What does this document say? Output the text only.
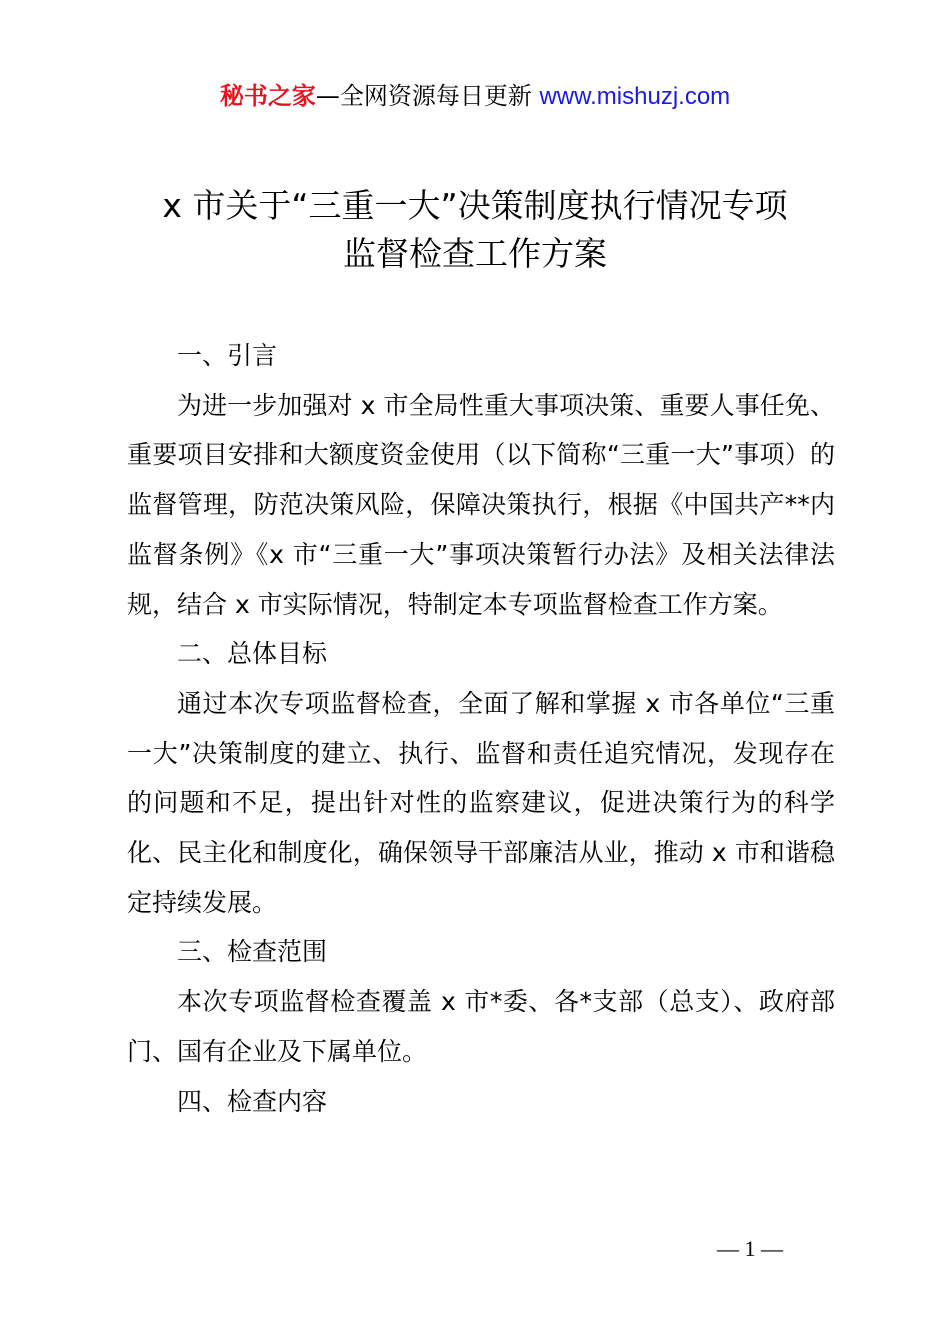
秘书之家—全网资源每日更新 www.mishuzj.com
x 市关于“三重一大”决策制度执行情况专项
监督检查工作方案

一、引言

为进一步加强对 x 市全局性重大事项决策、重要人事任免、重要项目安排和大额度资金使用（以下简称“三重一大”事项）的监督管理，防范决策风险，保障决策执行，根据《中国共产**内监督条例》《x 市“三重一大”事项决策暂行办法》及相关法律法规，结合 x 市实际情况，特制定本专项监督检查工作方案。

二、总体目标

通过本次专项监督检查，全面了解和掌握 x 市各单位“三重一大”决策制度的建立、执行、监督和责任追究情况，发现存在的问题和不足，提出针对性的监察建议，促进决策行为的科学化、民主化和制度化，确保领导干部廉洁从业，推动 x 市和谐稳定持续发展。

三、检查范围

本次专项监督检查覆盖 x 市*委、各*支部（总支）、政府部门、国有企业及下属单位。

四、检查内容

— 1 —
